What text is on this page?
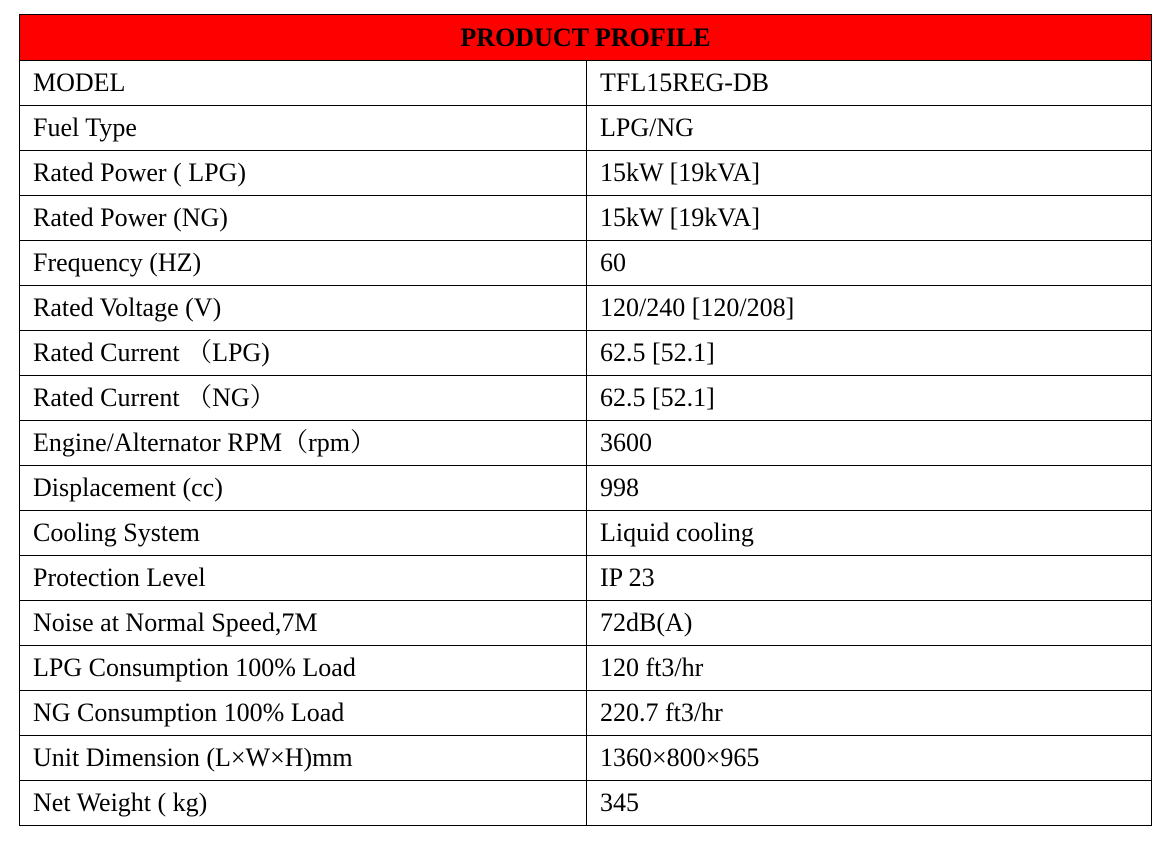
PRODUCT PROFILE	
MODEL	TFL15REG-DB
Fuel Type	LPG/NG
Rated Power ( LPG)	15kW [19kVA]
Rated Power (NG)	15kW [19kVA]
Frequency (HZ)	60
Rated Voltage (V)	120/240 [120/208]
Rated Current （LPG)	62.5 [52.1]
Rated Current （NG）	62.5 [52.1]
Engine/Alternator RPM（rpm）	3600
Displacement (cc)	998
Cooling System	Liquid cooling
Protection Level	IP 23
Noise at Normal Speed,7M	72dB(A)
LPG Consumption 100% Load	120 ft3/hr
NG Consumption 100% Load	220.7 ft3/hr
Unit Dimension (L×W×H)mm	1360×800×965
Net Weight ( kg)	345
